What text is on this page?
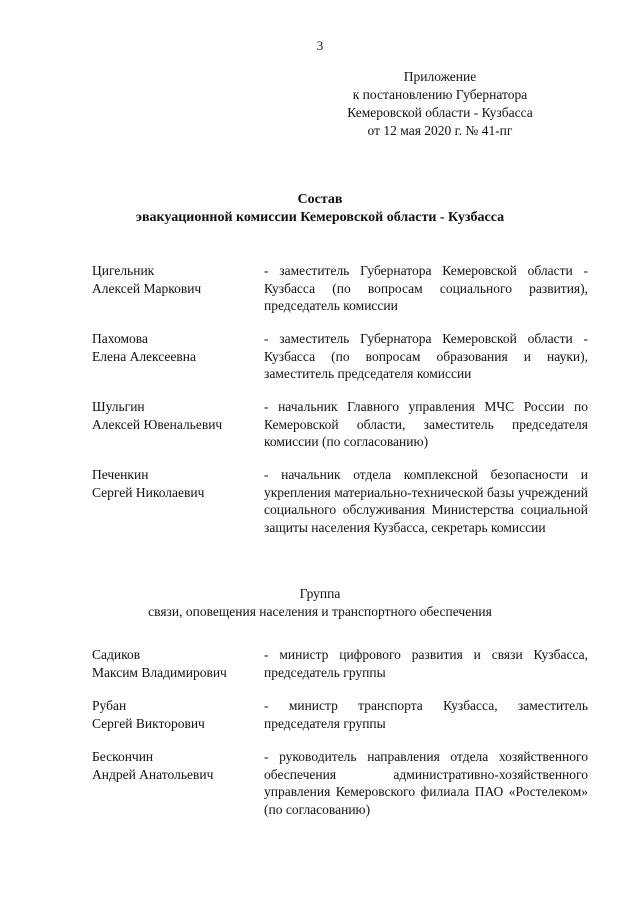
3
Приложение
к постановлению Губернатора
Кемеровской области - Кузбасса
от 12 мая 2020 г. № 41-пг
Состав
эвакуационной комиссии Кемеровской области - Кузбасса
Цигельник
Алексей Маркович
- заместитель Губернатора Кемеровской области - Кузбасса (по вопросам социального развития), председатель комиссии
Пахомова
Елена Алексеевна
- заместитель Губернатора Кемеровской области - Кузбасса (по вопросам образования и науки), заместитель председателя комиссии
Шульгин
Алексей Ювенальевич
- начальник Главного управления МЧС России по Кемеровской области, заместитель председателя комиссии (по согласованию)
Печенкин
Сергей Николаевич
- начальник отдела комплексной безопасности и укрепления материально-технической базы учреждений социального обслуживания Министерства социальной защиты населения Кузбасса, секретарь комиссии
Группа
связи, оповещения населения и транспортного обеспечения
Садиков
Максим Владимирович
- министр цифрового развития и связи Кузбасса, председатель группы
Рубан
Сергей Викторович
- министр транспорта Кузбасса, заместитель председателя группы
Бескончин
Андрей Анатольевич
- руководитель направления отдела хозяйственного обеспечения административно-хозяйственного управления Кемеровского филиала ПАО «Ростелеком» (по согласованию)
